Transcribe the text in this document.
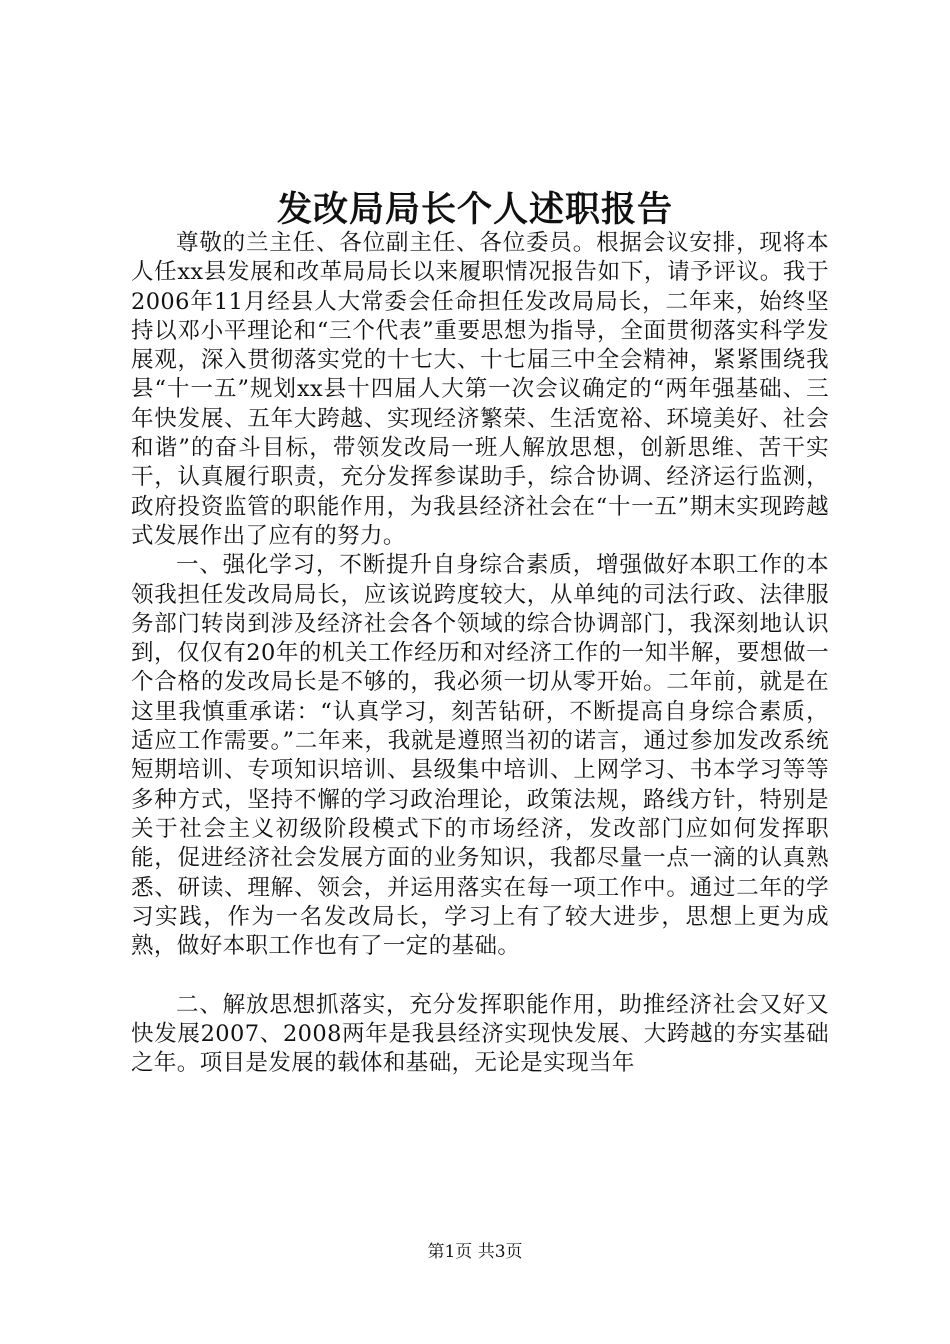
发改局局长个人述职报告

尊敬的兰主任、各位副主任、各位委员。根据会议安排，现将本人任xx县发展和改革局局长以来履职情况报告如下，请予评议。我于2006年11月经县人大常委会任命担任发改局局长，二年来，始终坚持以邓小平理论和“三个代表”重要思想为指导，全面贯彻落实科学发展观，深入贯彻落实党的十七大、十七届三中全会精神，紧紧围绕我县“十一五”规划xx县十四届人大第一次会议确定的“两年强基础、三年快发展、五年大跨越、实现经济繁荣、生活宽裕、环境美好、社会和谐”的奋斗目标，带领发改局一班人解放思想，创新思维、苦干实干，认真履行职责，充分发挥参谋助手，综合协调、经济运行监测，政府投资监管的职能作用，为我县经济社会在“十一五”期末实现跨越式发展作出了应有的努力。

一、强化学习，不断提升自身综合素质，增强做好本职工作的本领我担任发改局局长，应该说跨度较大，从单纯的司法行政、法律服务部门转岗到涉及经济社会各个领域的综合协调部门，我深刻地认识到，仅仅有20年的机关工作经历和对经济工作的一知半解，要想做一个合格的发改局长是不够的，我必须一切从零开始。二年前，就是在这里我慎重承诺：“认真学习，刻苦钻研，不断提高自身综合素质，适应工作需要。”二年来，我就是遵照当初的诺言，通过参加发改系统短期培训、专项知识培训、县级集中培训、上网学习、书本学习等等多种方式，坚持不懈的学习政治理论，政策法规，路线方针，特别是关于社会主义初级阶段模式下的市场经济，发改部门应如何发挥职能，促进经济社会发展方面的业务知识，我都尽量一点一滴的认真熟悉、研读、理解、领会，并运用落实在每一项工作中。通过二年的学习实践，作为一名发改局长，学习上有了较大进步，思想上更为成熟，做好本职工作也有了一定的基础。

二、解放思想抓落实，充分发挥职能作用，助推经济社会又好又快发展2007、2008两年是我县经济实现快发展、大跨越的夯实基础之年。项目是发展的载体和基础，无论是实现当年

第1页 共3页
